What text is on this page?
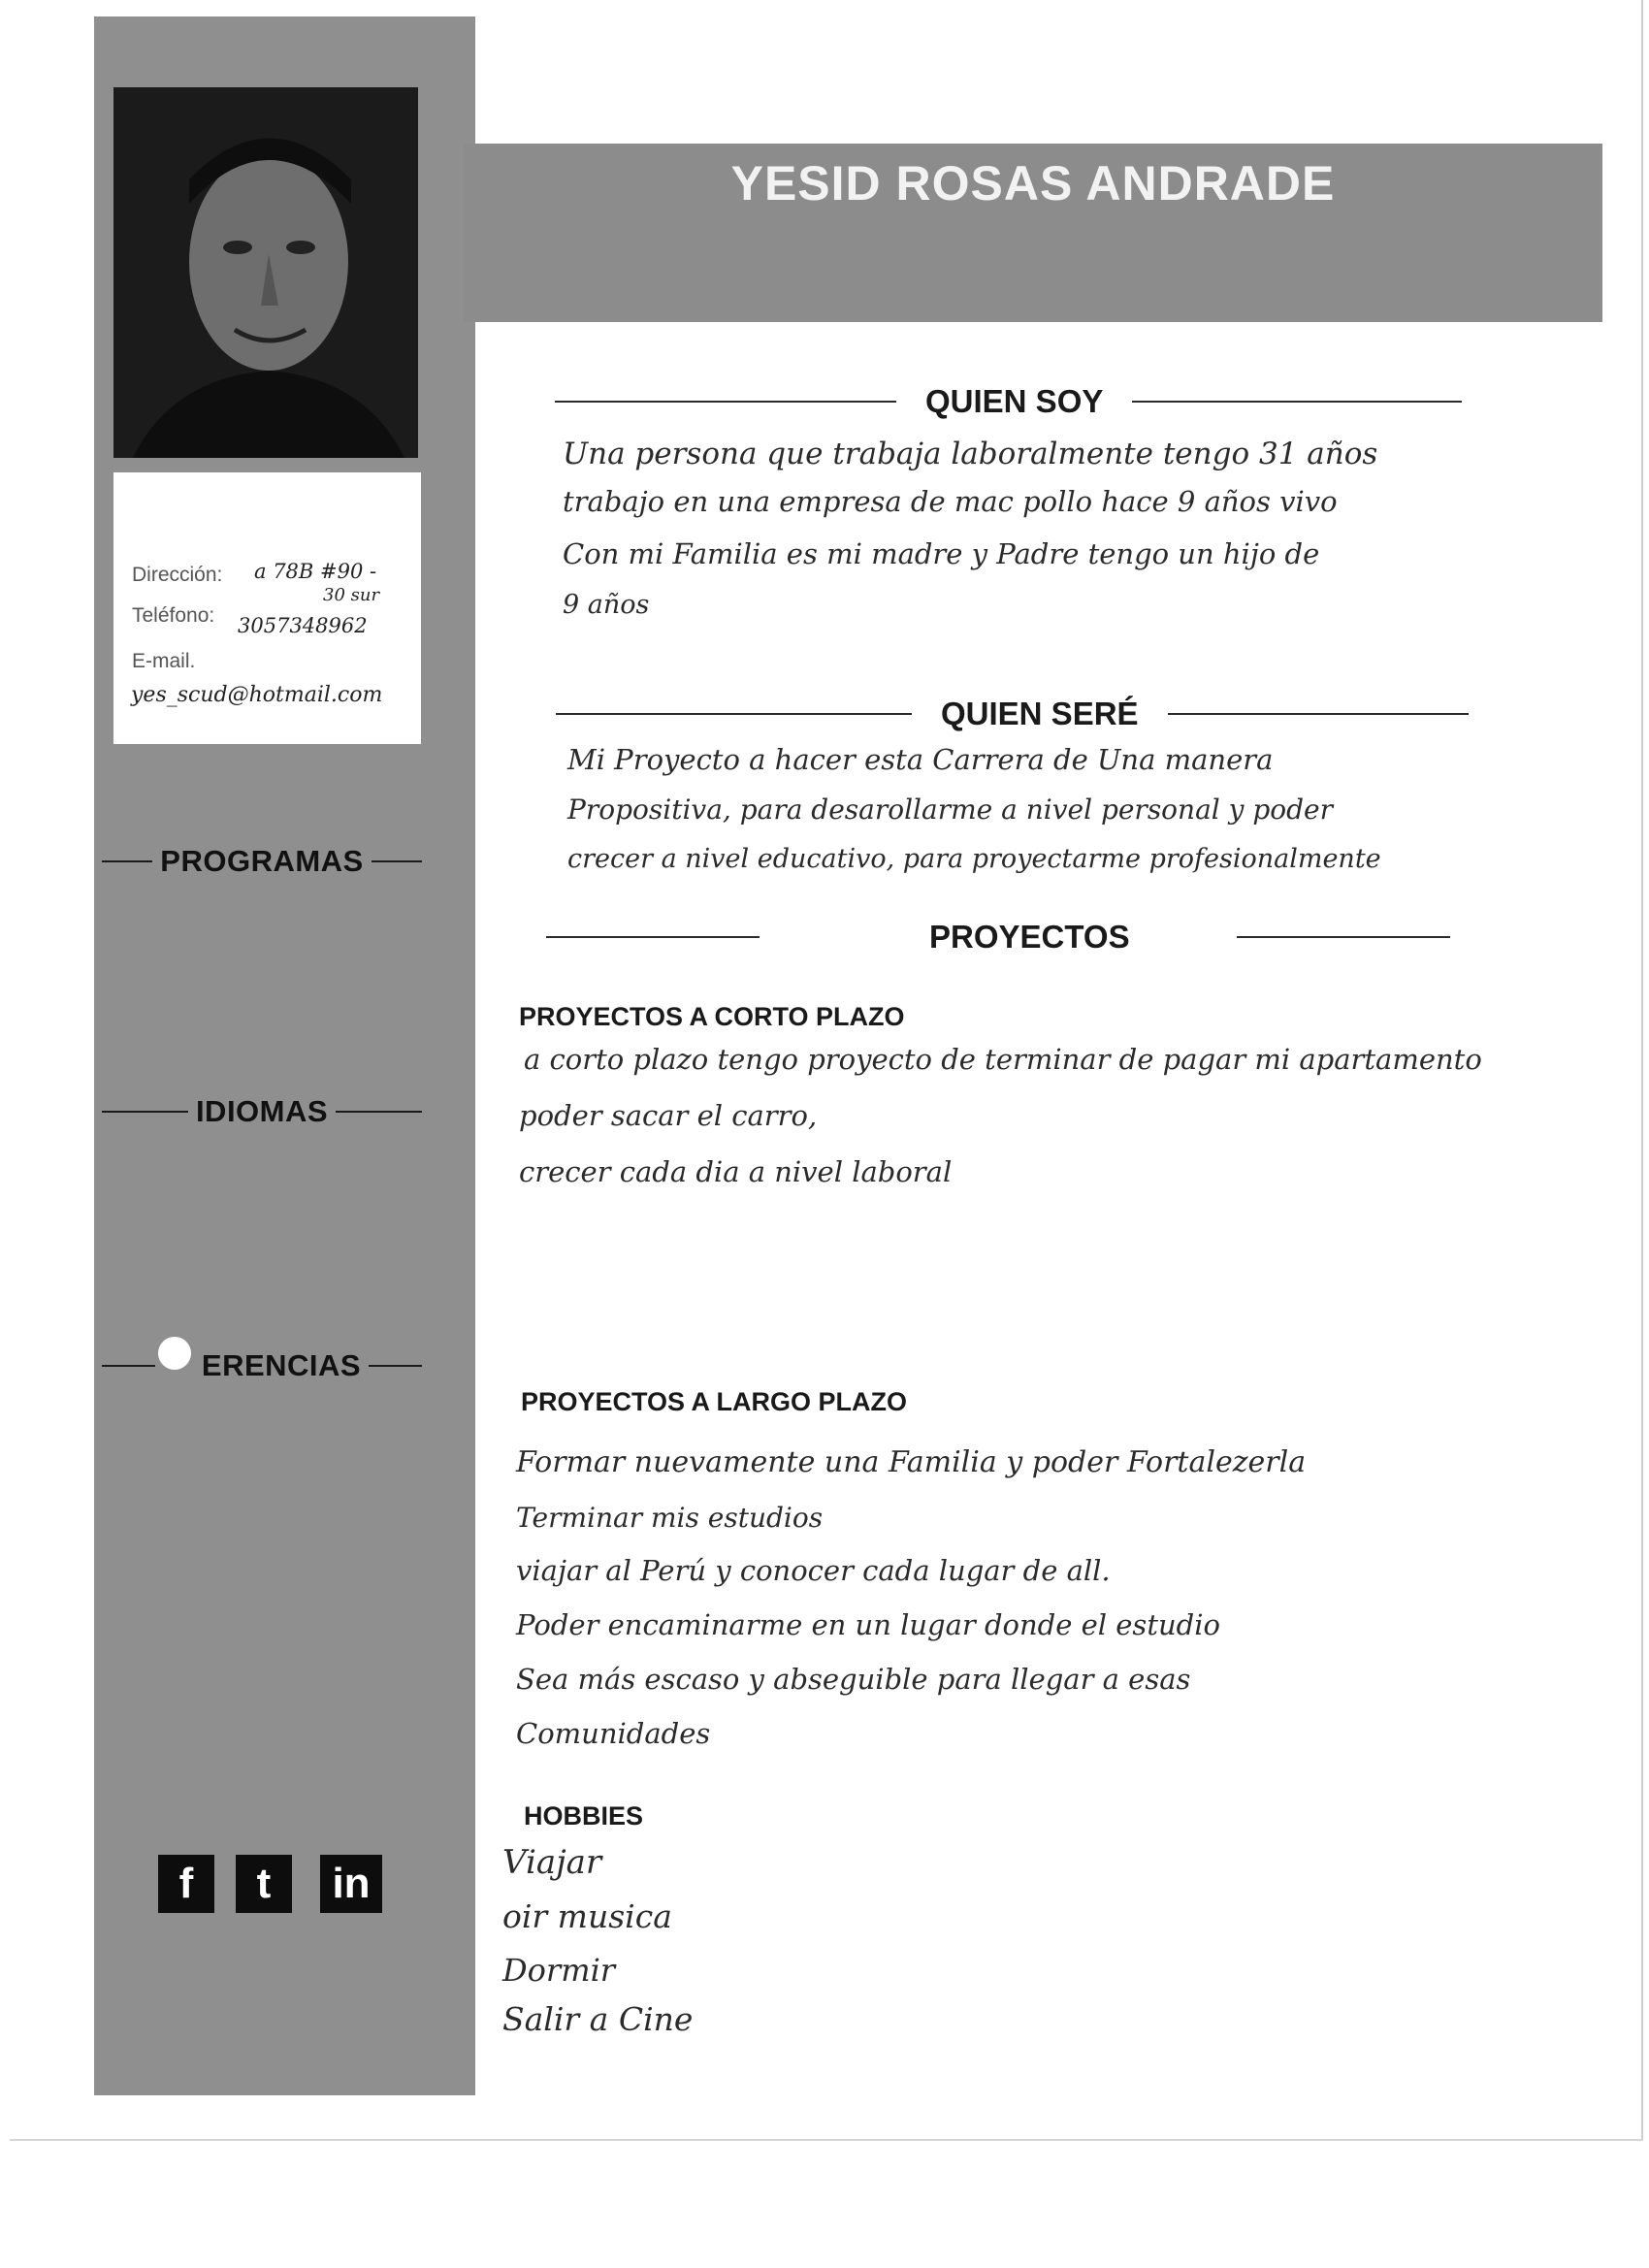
Dirección: a 78B #90 -
30 sur
Teléfono: 3057348962
E-mail.
yes_scud@hotmail.com
PROGRAMAS
IDIOMAS
ERENCIAS
f	t	in
YESID ROSAS ANDRADE
QUIEN SOY
Una persona que trabaja laboralmente tengo 31 años
trabajo en una empresa de mac pollo hace 9 años vivo
Con mi Familia es mi madre y Padre tengo un hijo de
9 años
QUIEN SERÉ
Mi Proyecto a hacer esta Carrera de Una manera
Propositiva, para desarollarme a nivel personal y poder
crecer a nivel educativo, para proyectarme profesionalmente
PROYECTOS
PROYECTOS A CORTO PLAZO
a corto plazo tengo proyecto de terminar de pagar mi apartamento
poder sacar el carro,
crecer cada dia a nivel laboral
PROYECTOS A LARGO PLAZO
Formar nuevamente una Familia y poder Fortalezerla
Terminar mis estudios
viajar al Perú y conocer cada lugar de all.
Poder encaminarme en un lugar donde el estudio
Sea más escaso y abseguible para llegar a esas
Comunidades
HOBBIES
Viajar
oir musica
Dormir
Salir a Cine
